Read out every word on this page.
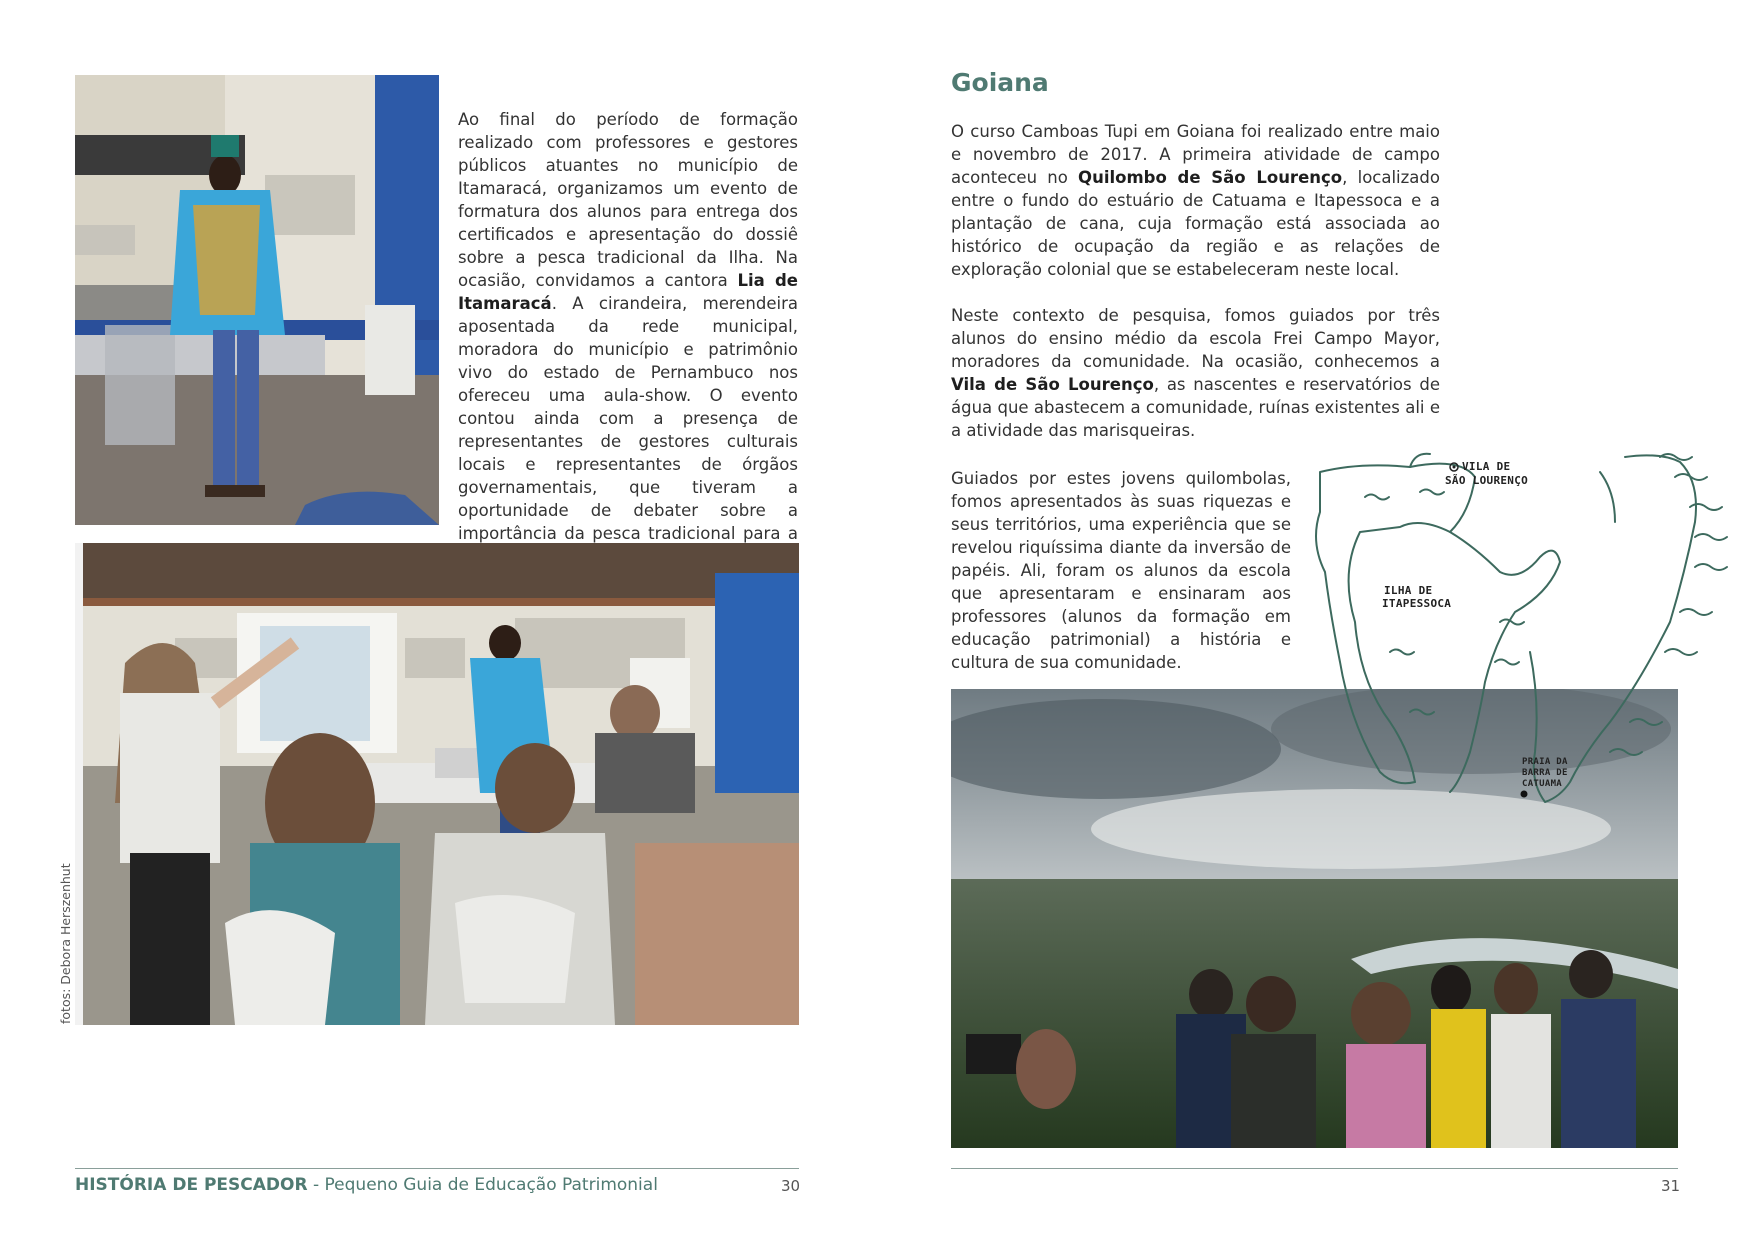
Ao final do período de formação realizado com professores e gestores públicos atuantes no município de Itamaracá, organizamos um evento de formatura dos alunos para entrega dos certificados e apresentação do dossiê sobre a pesca tradicional da Ilha. Na ocasião, convidamos a cantora Lia de Itamaracá. A cirandeira, merendeira aposentada da rede municipal, moradora do município e patrimônio vivo do estado de Pernambuco nos ofereceu uma aula-show. O evento contou ainda com a presença de representantes de gestores culturais locais e representantes de órgãos governamentais, que tiveram a oportunidade de debater sobre a importância da pesca tradicional para a
fotos: Debora Herszenhut
HISTÓRIA DE PESCADOR - Pequeno Guia de Educação Patrimonial	30
Goiana

O curso Camboas Tupi em Goiana foi realizado entre maio e novembro de 2017. A primeira atividade de campo aconteceu no Quilombo de São Lourenço, localizado entre o fundo do estuário de Catuama e Itapessoca e a plantação de cana, cuja formação está associada ao histórico de ocupação da região e as relações de exploração colonial que se estabeleceram neste local.

Neste contexto de pesquisa, fomos guiados por três alunos do ensino médio da escola Frei Campo Mayor, moradores da comunidade. Na ocasião, conhecemos a Vila de São Lourenço, as nascentes e reservatórios de água que abastecem a comunidade, ruínas existentes ali e a atividade das marisqueiras.

Guiados por estes jovens quilombolas, fomos apresentados às suas riquezas e seus territórios, uma experiência que se revelou riquíssima diante da inversão de papéis. Ali, foram os alunos da escola que apresentaram e ensinaram aos professores (alunos da formação em educação patrimonial) a história e cultura de sua comunidade.
VILA DE
SÃO LOURENÇO
ILHA DE
ITAPESSOCA
PRAIA DA
BARRA DE
CATUAMA
31
